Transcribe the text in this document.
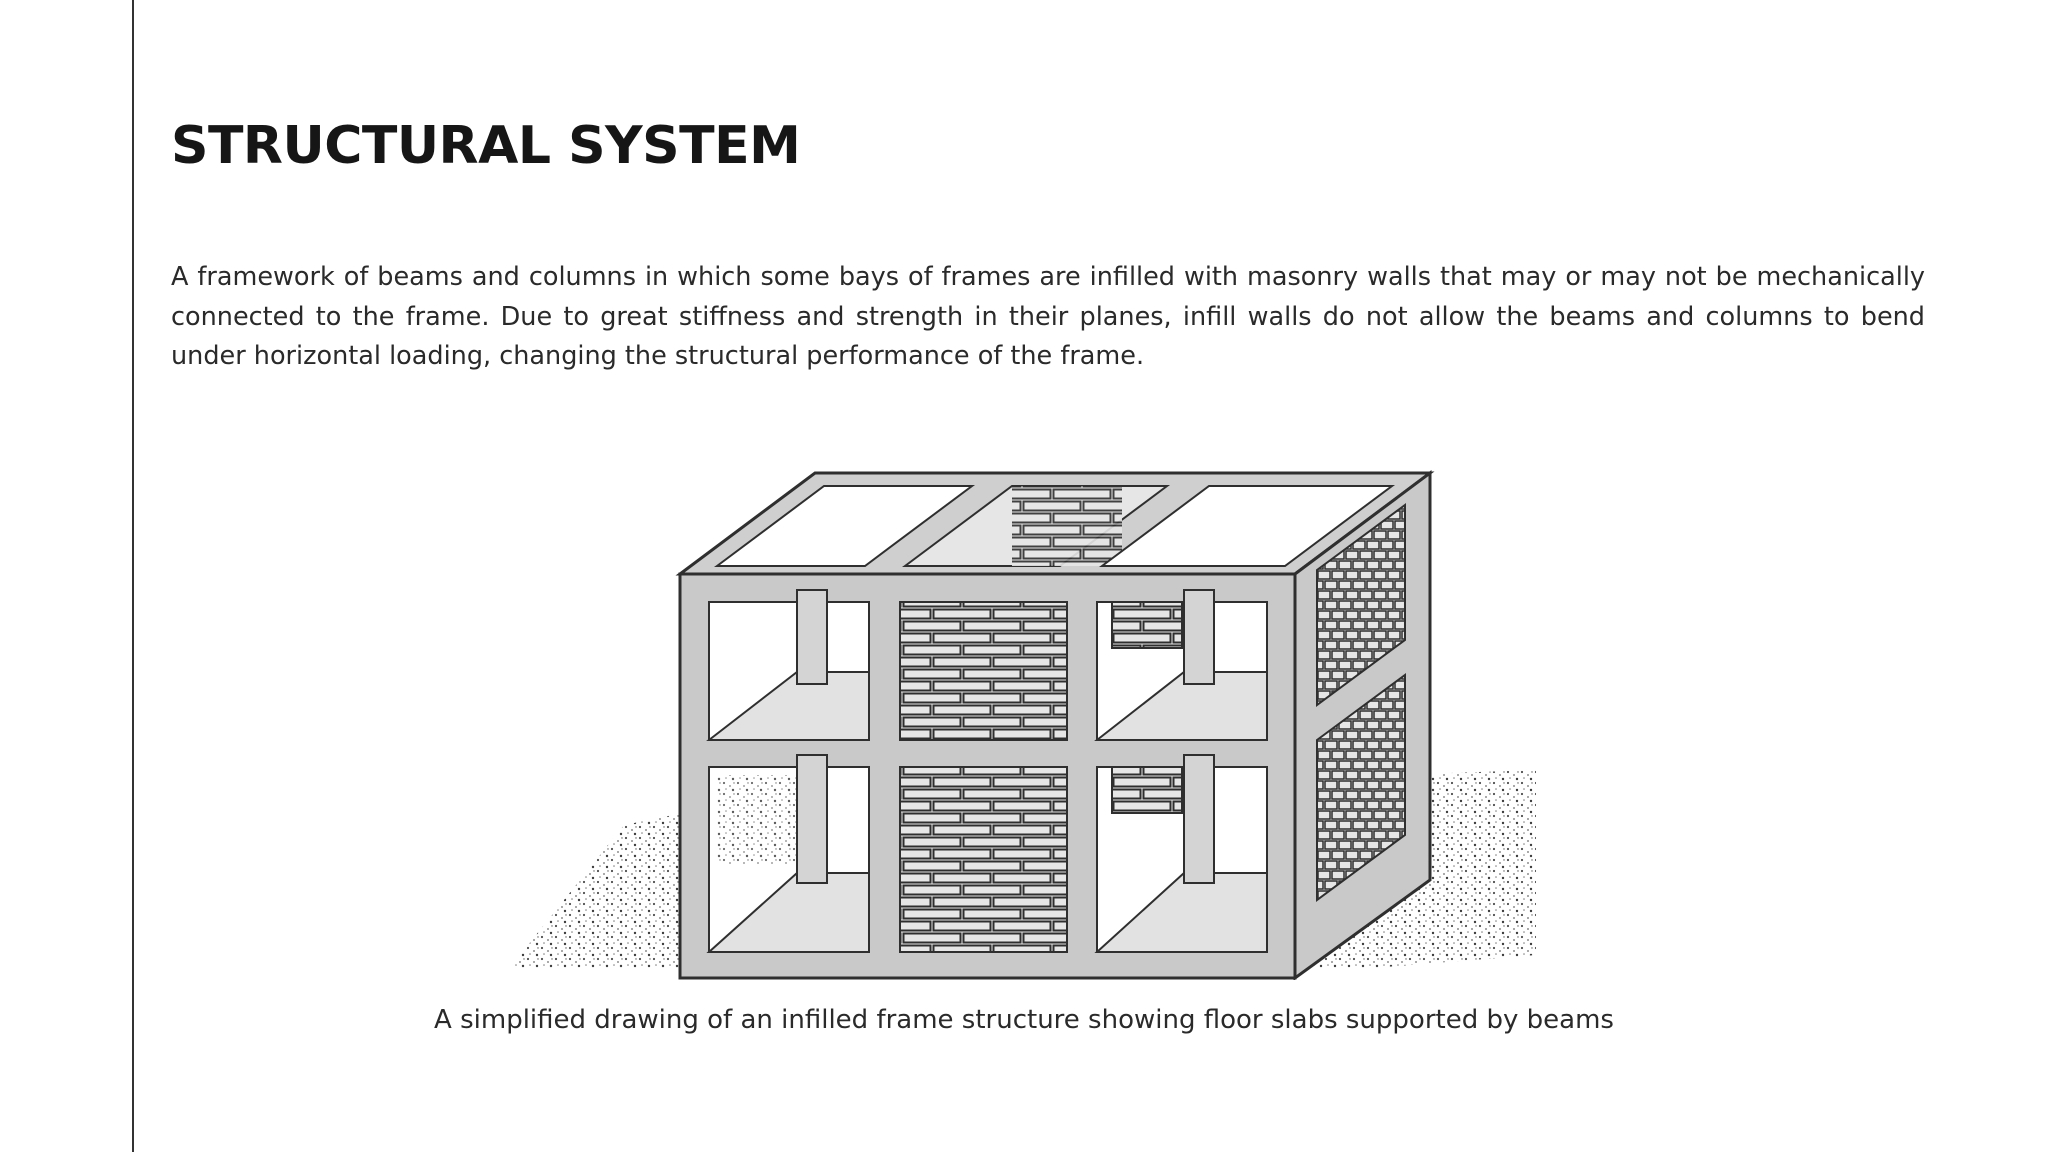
STRUCTURAL SYSTEM

A framework of beams and columns in which some bays of frames are infilled with masonry walls that may or may not be mechanically connected to the frame. Due to great stiffness and strength in their planes, infill walls do not allow the beams and columns to bend under horizontal loading, changing the structural performance of the frame.

A simplified drawing of an infilled frame structure showing floor slabs supported by beams
